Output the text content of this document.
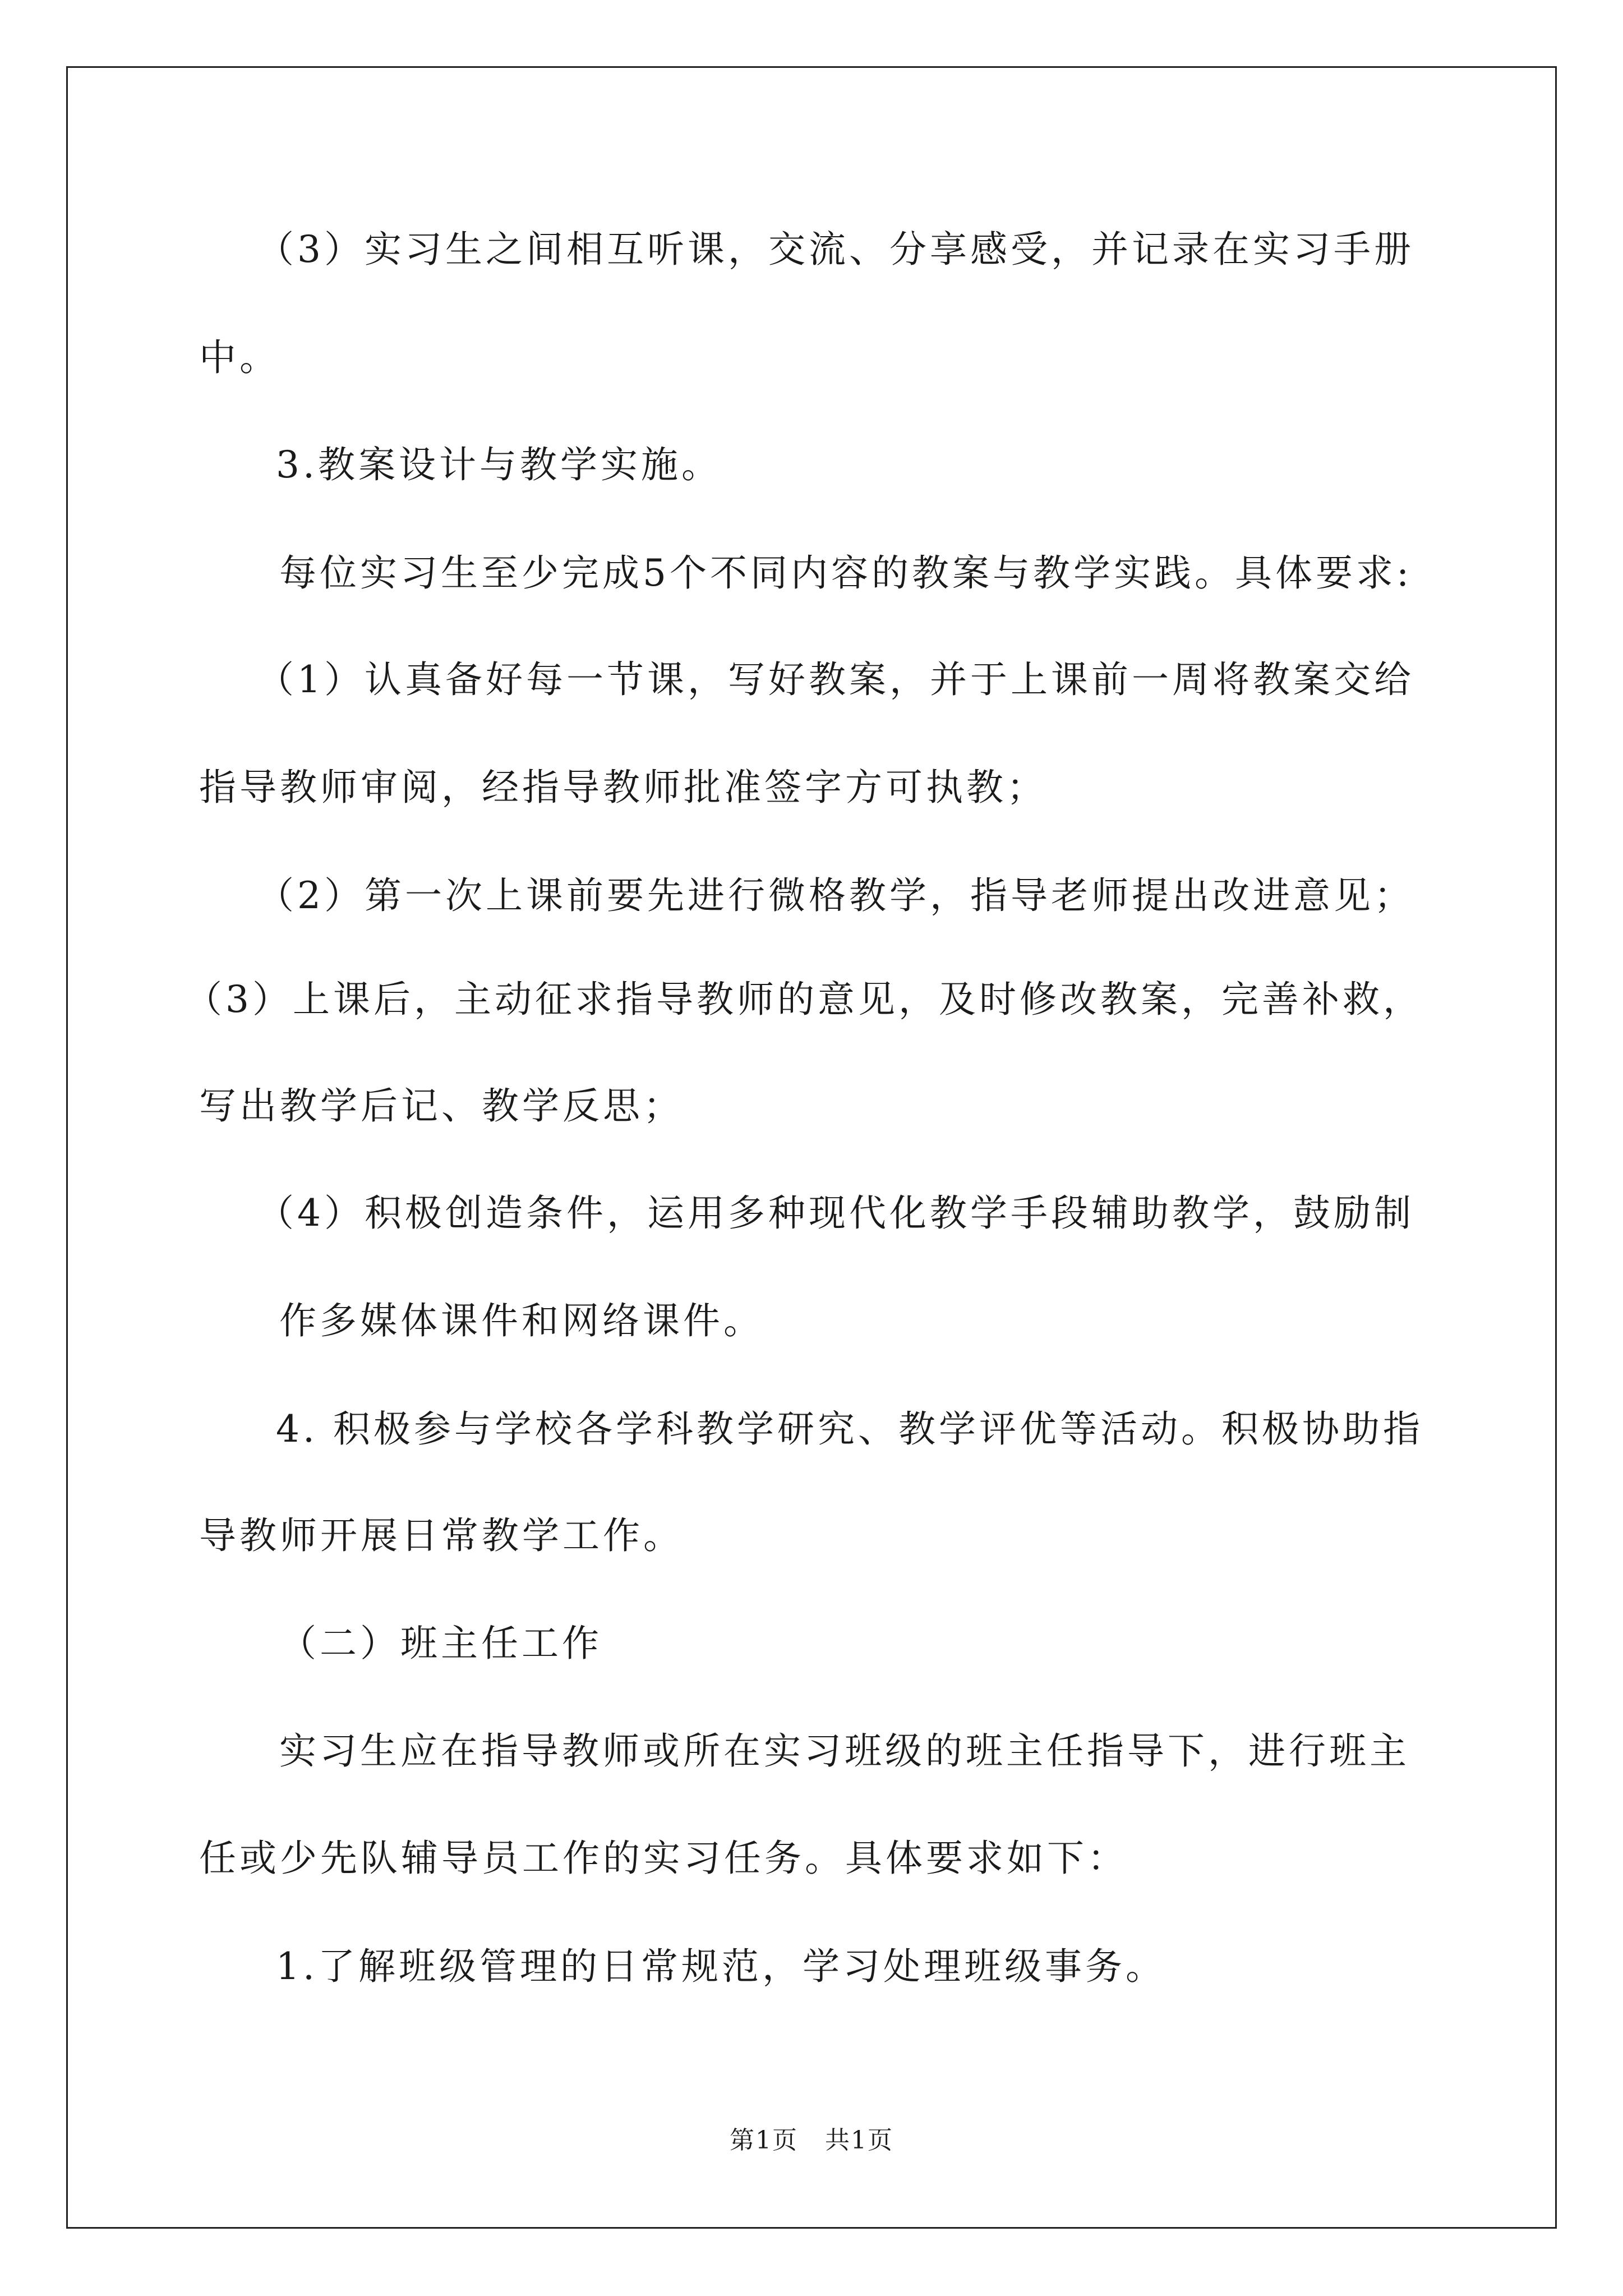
（3）实习生之间相互听课，交流、分享感受，并记录在实习手册
中。
3.教案设计与教学实施。
每位实习生至少完成5个不同内容的教案与教学实践。具体要求:
（1）认真备好每一节课，写好教案，并于上课前一周将教案交给
指导教师审阅，经指导教师批准签字方可执教；
（2）第一次上课前要先进行微格教学，指导老师提出改进意见；
（3）上课后，主动征求指导教师的意见，及时修改教案，完善补救，
写出教学后记、教学反思；
（4）积极创造条件，运用多种现代化教学手段辅助教学，鼓励制
作多媒体课件和网络课件。
4. 积极参与学校各学科教学研究、教学评优等活动。积极协助指
导教师开展日常教学工作。
（二）班主任工作
实习生应在指导教师或所在实习班级的班主任指导下，进行班主
任或少先队辅导员工作的实习任务。具体要求如下：
1.了解班级管理的日常规范，学习处理班级事务。
第1页   共1页
